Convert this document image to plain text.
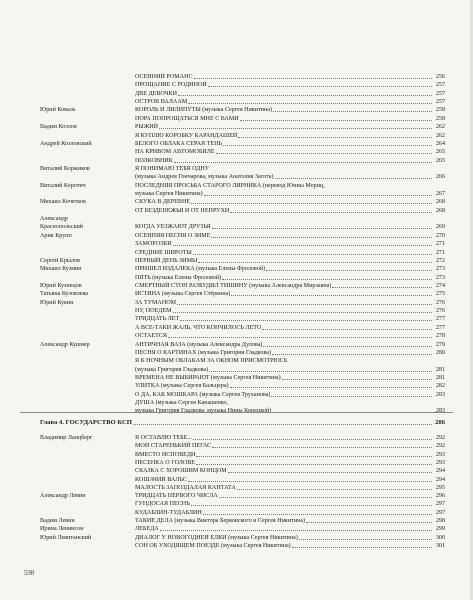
ОСЕННИЙ РОМАНС	256
ПРОЩАНИЕ С РОДИНОЙ	257
ДВЕ ДЕВОЧКИ	257
ОСТРОВ ВАЛААМ	257
Юрий Коваль	КОРОЛЬ И ЛИЛИПУТЫ (музыка Сергея Никитина)	258
ПОРА ПОПРОЩАТЬСЯ МНЕ С ВАМИ	258
Вадим Козлов	РЫЖИЙ	262
Я КУПЛЮ КОРОБКУ КАРАНДАШЕЙ	262
Андрей Козловский	БЕЛОГО ОБЛАКА СЕРАЯ ТЕНЬ	264
НА КРИВОМ АВТОМОБИЛЕ	265
ПОЛКОВНИК	265
Виталий Коржиков	Я ПОНИМАЮ ТЕБЯ ОДНУ
(музыка Андрея Гончарова, музыка Анатолия Загота)	266
Виталий Коротич	ПОСЛЕДНЯЯ ПРОСЬБА СТАРОГО ЛИРНИКА (перевод Юнны Мориц,
музыка Сергея Никитина)	267
Михаил Кочетков	СКУКА В ДЕРЕВНЕ	268
ОТ БЕЗДЕНЕЖЬЯ И ОТ НЕПРУХИ	268
Александр
Краснопольский	КОГДА УЕЗЖАЮТ ДРУЗЬЯ	269
Арик Крупп	ОСЕННЯЯ ПЕСНЯ О ЗИМЕ	270
ЗАМОРОЗКИ	271
СРЕДНИЕ ШИРОТЫ	271
Сергей Крылов	ПЕРВЫЙ ДЕНЬ ЗИМЫ	272
Михаил Кузмин	ПРИШЕЛ ИЗДАЛЕКА (музыка Елены Фроловой)	273
ПЯТЬ (музыка Елены Фроловой)	273
Юрий Кузнецов	СМЕРТНЫЙ СТОН РАЗБУДИЛ ТИШИНУ (музыка Александра Мирзаяна)	274
Татьяна Кузовлева	ИСТИНА (музыка Сергея Стёркина)	275
Юрий Кукин	ЗА ТУМАНОМ	276
НУ, ПОЕДЕМ	276
ТРИДЦАТЬ ЛЕТ	277
А ВСЕ-ТАКИ ЖАЛЬ, ЧТО КОНЧИЛОСЬ ЛЕТО	277
ОСТАЕТСЯ	278
Александр Кушнер	АНТИЧНАЯ ВАЗА (музыка Александра Дулова)	279
ПЕСНЯ О КАРТИНАХ (музыка Григория Гладкова)	280
Я К НОЧНЫМ ОБЛАКАМ ЗА ОКНОМ ПРИСМОТРЮСЬ
(музыка Григория Гладкова)	281
ВРЕМЕНА НЕ ВЫБИРАЮТ (музыка Сергея Никитина)	281
УЛИТКА (музыка Сергея Бальцера)	282
О ДА, КАК МОШКАРА (музыка Сергея Труханова)	283
ДУША (музыка Сергея Канашенко,
музыка Григория Гладкова, музыка Нины Конецкой)	283
Глава 4. ГОСУДАРСТВО КСП	286
Владимир Ланцберг	Я ОСТАВЛЮ ТЕБЕ...	292
МОЙ СТАРЕНЬКИЙ ПЕГАС	292
ВМЕСТО ИСПОВЕДИ	293
ПЕСЕНКА О ГОЛОВЕ	293
СКАЗКА С ХОРОШИМ КОНЦОМ	294
КОШАЧИЙ ВАЛЬС	294
МАЛОСТЬ ЗАПОЗДАЛАЯ КАНТАТА	295
Александр Левин	ТРИДЦАТЬ ПЕРВОГО ЧИСЛА	296
ГУНДОСАЯ ПЕСНЬ	297
КУДАБЛИН-ТУДАБЛИН	297
Вадим Левин	ТАКИЕ ДЕЛА (музыка Виктора Берковского и Сергея Никитина)	298
Ирина Левинсон	ЛЕБЕДА	299
Юрий Левитанский	ДИАЛОГ У НОВОГОДНЕЙ ЕЛКИ (музыка Сергея Никитина)	300
СОН ОБ УХОДЯЩЕМ ПОЕЗДЕ (музыка Сергея Никитина)	301
598
